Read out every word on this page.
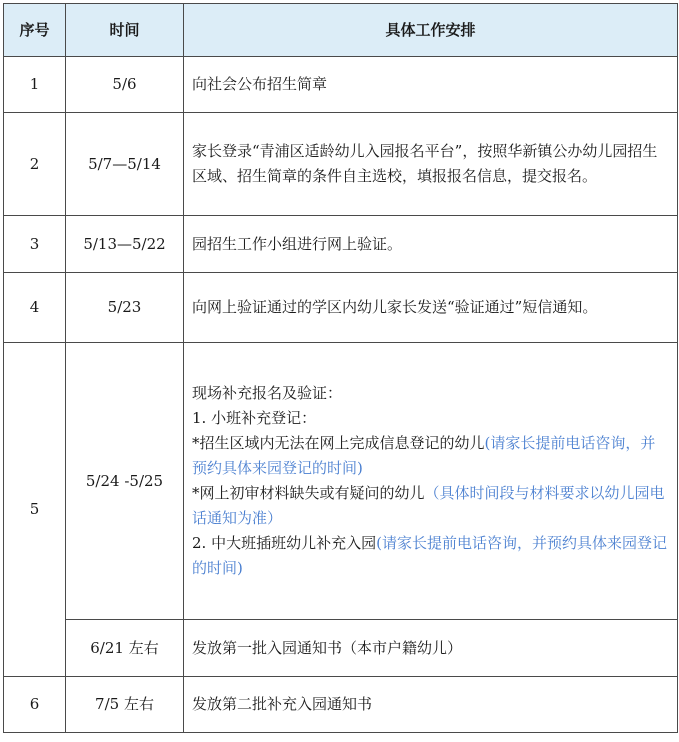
序号	时间	具体工作安排
1	5/6	向社会公布招生简章
2	5/7—5/14	家长登录“青浦区适龄幼儿入园报名平台”，按照华新镇公办幼儿园招生区域、招生简章的条件自主选校，填报报名信息，提交报名。
3	5/13—5/22	园招生工作小组进行网上验证。
4	5/23	向网上验证通过的学区内幼儿家长发送“验证通过”短信通知。
5	5/24 -5/25	现场补充报名及验证：
1. 小班补充登记：
*招生区域内无法在网上完成信息登记的幼儿(请家长提前电话咨询，并预约具体来园登记的时间)
*网上初审材料缺失或有疑问的幼儿（具体时间段与材料要求以幼儿园电话通知为准）
2. 中大班插班幼儿补充入园(请家长提前电话咨询，并预约具体来园登记的时间)

	6/21 左右	发放第一批入园通知书（本市户籍幼儿）
6	7/5 左右	发放第二批补充入园通知书
